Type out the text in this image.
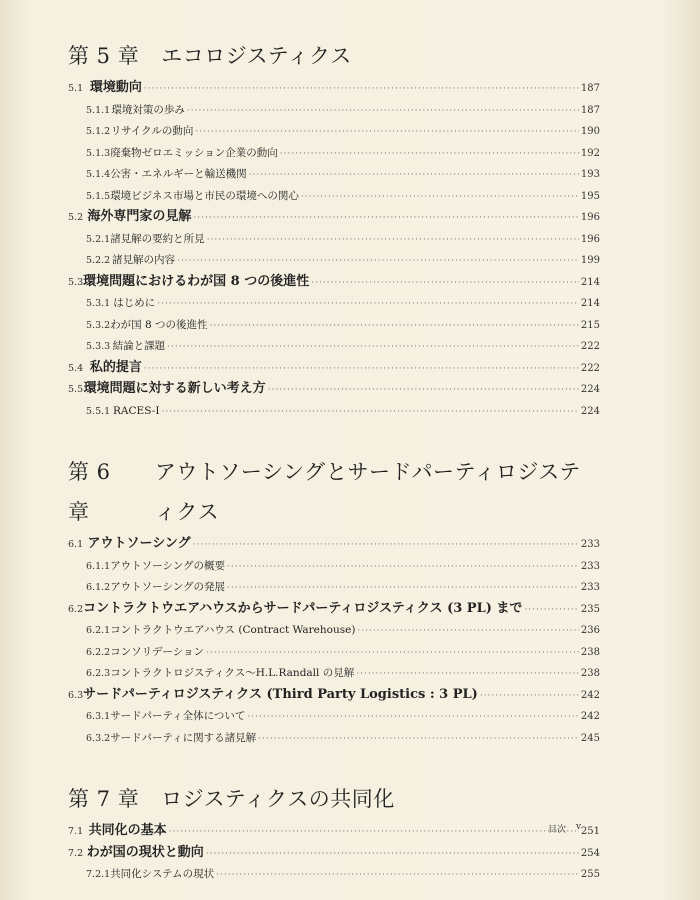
第 5 章 エコロジスティクス
5.1 環境動向 ·····	187
5.1.1 環境対策の歩み ·····	187
5.1.2 リサイクルの動向 ·····	190
5.1.3 廃棄物ゼロエミッション企業の動向 ·····	192
5.1.4 公害・エネルギーと輸送機関 ·····	193
5.1.5 環境ビジネス市場と市民の環境への関心 ·····	195
5.2 海外専門家の見解 ·····	196
5.2.1 諸見解の要約と所見 ·····	196
5.2.2 諸見解の内容 ·····	199
5.3 環境問題におけるわが国 8 つの後進性 ·····	214
5.3.1 はじめに ·····	214
5.3.2 わが国 8 つの後進性 ·····	215
5.3.3 結論と課題 ·····	222
5.4 私的提言 ·····	222
5.5 環境問題に対する新しい考え方 ·····	224
5.5.1 RACES-I ·····	224
第 6 章
アウトソーシングとサードパーティロジスティクス
6.1 アウトソーシング ·····	233
6.1.1 アウトソーシングの概要 ·····	233
6.1.2 アウトソーシングの発展 ·····	233
6.2 コントラクトウエアハウスからサードパーティロジスティクス (3 PL) まで ·····	235
6.2.1 コントラクトウエアハウス (Contract Warehouse) ·····	236
6.2.2 コンソリデーション ·····	238
6.2.3 コントラクトロジスティクス〜H.L.Randall の見解 ·····	238
6.3 サードパーティロジスティクス (Third Party Logistics : 3 PL) ·····	242
6.3.1 サードパーティ全体について ·····	242
6.3.2 サードパーティに関する諸見解 ·····	245
第 7 章 ロジスティクスの共同化
7.1 共同化の基本 ·····	251
7.2 わが国の現状と動向 ·····	254
7.2.1 共同化システムの現状 ·····	255
目次 v
